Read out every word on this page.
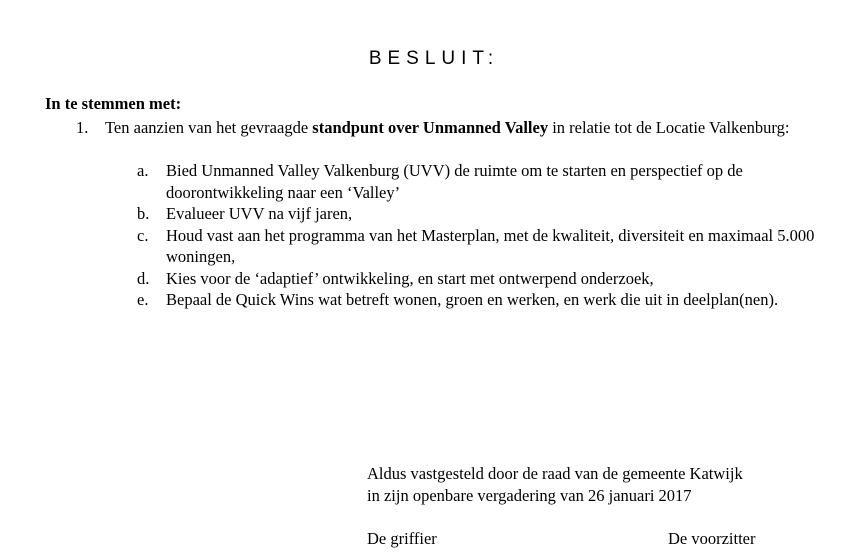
BESLUIT:
In te stemmen met:
1.	Ten aanzien van het gevraagde standpunt over Unmanned Valley in relatie tot de Locatie Valkenburg:
a. Bied Unmanned Valley Valkenburg (UVV) de ruimte om te starten en perspectief op de doorontwikkeling naar een ‘Valley’
b. Evalueer UVV na vijf jaren,
c. Houd vast aan het programma van het Masterplan, met de kwaliteit, diversiteit en maximaal 5.000 woningen,
d. Kies voor de ‘adaptief’ ontwikkeling, en start met ontwerpend onderzoek,
e. Bepaal de Quick Wins wat betreft wonen, groen en werken, en werk die uit in deelplan(nen).
Aldus vastgesteld door de raad van de gemeente Katwijk
in zijn openbare vergadering van 26 januari 2017
De griffier	De voorzitter
